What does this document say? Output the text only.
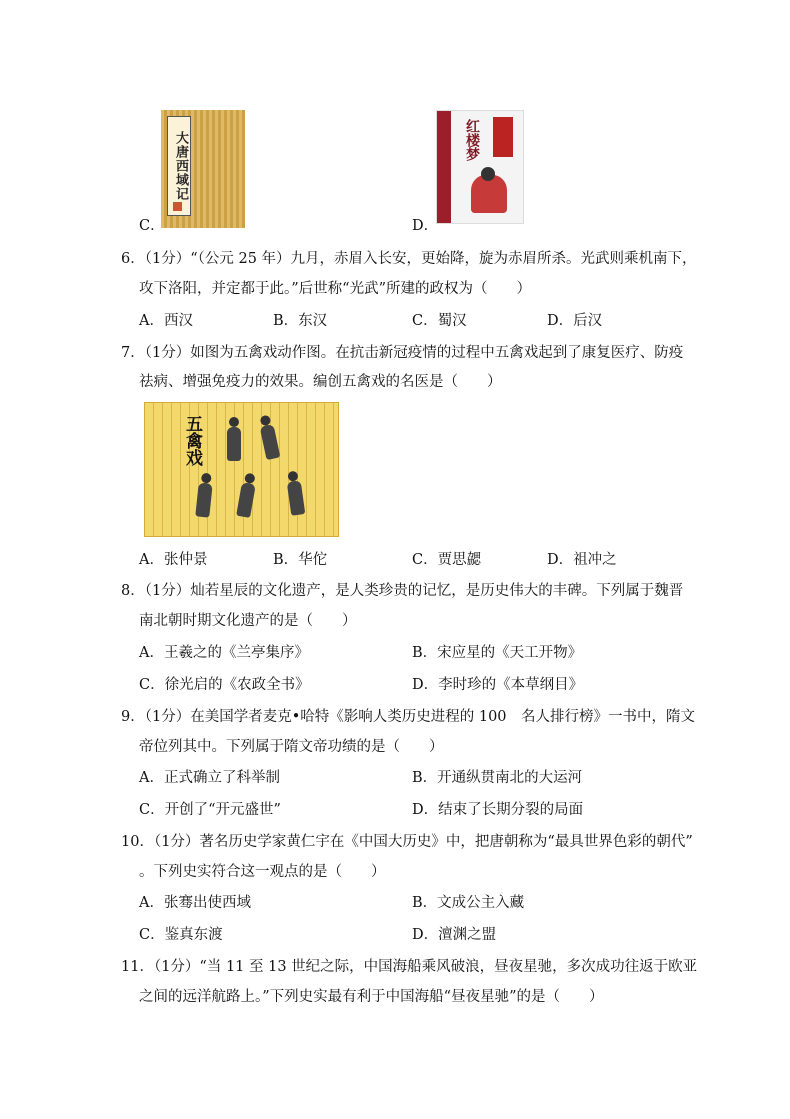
大唐西域记
C．
红楼梦
D．
6．（1分）“（公元 25 年）九月，赤眉入长安，更始降，旋为赤眉所杀。光武则乘机南下，
攻下洛阳，并定都于此。”后世称“光武”所建的政权为（　　）
A．西汉	B．东汉	C．蜀汉	D．后汉
7．（1分）如图为五禽戏动作图。在抗击新冠疫情的过程中五禽戏起到了康复医疗、防疫
祛病、增强免疫力的效果。编创五禽戏的名医是（　　）
五禽戏
A．张仲景	B．华佗	C．贾思勰	D．祖冲之
8．（1分）灿若星辰的文化遗产，是人类珍贵的记忆，是历史伟大的丰碑。下列属于魏晋
南北朝时期文化遗产的是（　　）
A．王羲之的《兰亭集序》	B．宋应星的《天工开物》
C．徐光启的《农政全书》	D．李时珍的《本草纲目》
9．（1分）在美国学者麦克•哈特《影响人类历史进程的 100　名人排行榜》一书中，隋文
帝位列其中。下列属于隋文帝功绩的是（　　）
A．正式确立了科举制	B．开通纵贯南北的大运河
C．开创了“开元盛世”	D．结束了长期分裂的局面
10．（1分）著名历史学家黄仁宇在《中国大历史》中，把唐朝称为“最具世界色彩的朝代”
。下列史实符合这一观点的是（　　）
A．张骞出使西域	B．文成公主入藏
C．鉴真东渡	D．澶渊之盟
11．（1分）“当 11 至 13 世纪之际，中国海船乘风破浪，昼夜星驰，多次成功往返于欧亚
之间的远洋航路上。”下列史实最有利于中国海船“昼夜星驰”的是（　　）
